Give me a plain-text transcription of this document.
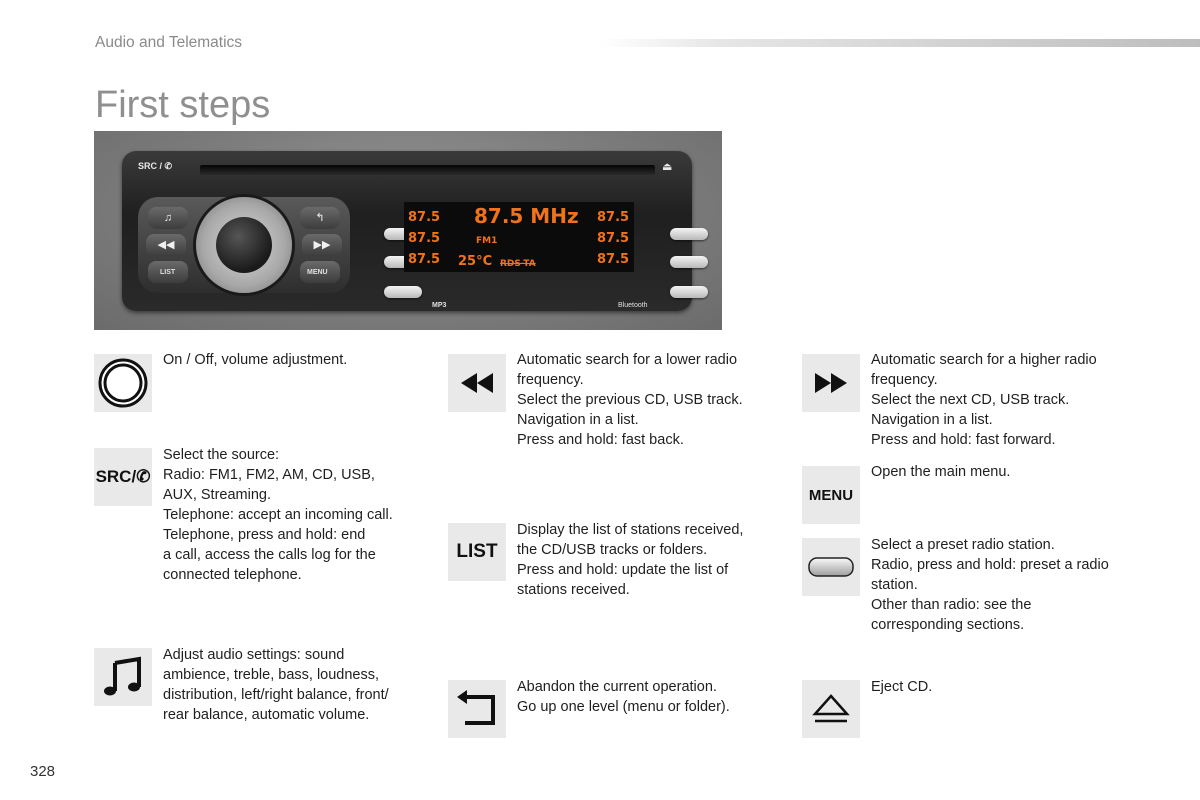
Audio and Telematics
First steps
SRC / ✆	⏏
♫	↰
◀◀	▶▶
LIST	MENU
87.5
87.5
87.5
87.5
87.5
87.5
87.5 MHz
FM1
25°C RDS-TA
MP3	Bluetooth
On / Off, volume adjustment.
SRC/✆
Select the source:
Radio: FM1, FM2, AM, CD, USB,
AUX, Streaming.
Telephone: accept an incoming call.
Telephone, press and hold: end
a call, access the calls log for the
connected telephone.
Adjust audio settings: sound
ambience, treble, bass, loudness,
distribution, left/right balance, front/
rear balance, automatic volume.
Automatic search for a lower radio
frequency.
Select the previous CD, USB track.
Navigation in a list.
Press and hold: fast back.
LIST
Display the list of stations received,
the CD/USB tracks or folders.
Press and hold: update the list of
stations received.
Abandon the current operation.
Go up one level (menu or folder).
Automatic search for a higher radio
frequency.
Select the next CD, USB track.
Navigation in a list.
Press and hold: fast forward.
MENU
Open the main menu.
Select a preset radio station.
Radio, press and hold: preset a radio
station.
Other than radio: see the
corresponding sections.
Eject CD.
328
